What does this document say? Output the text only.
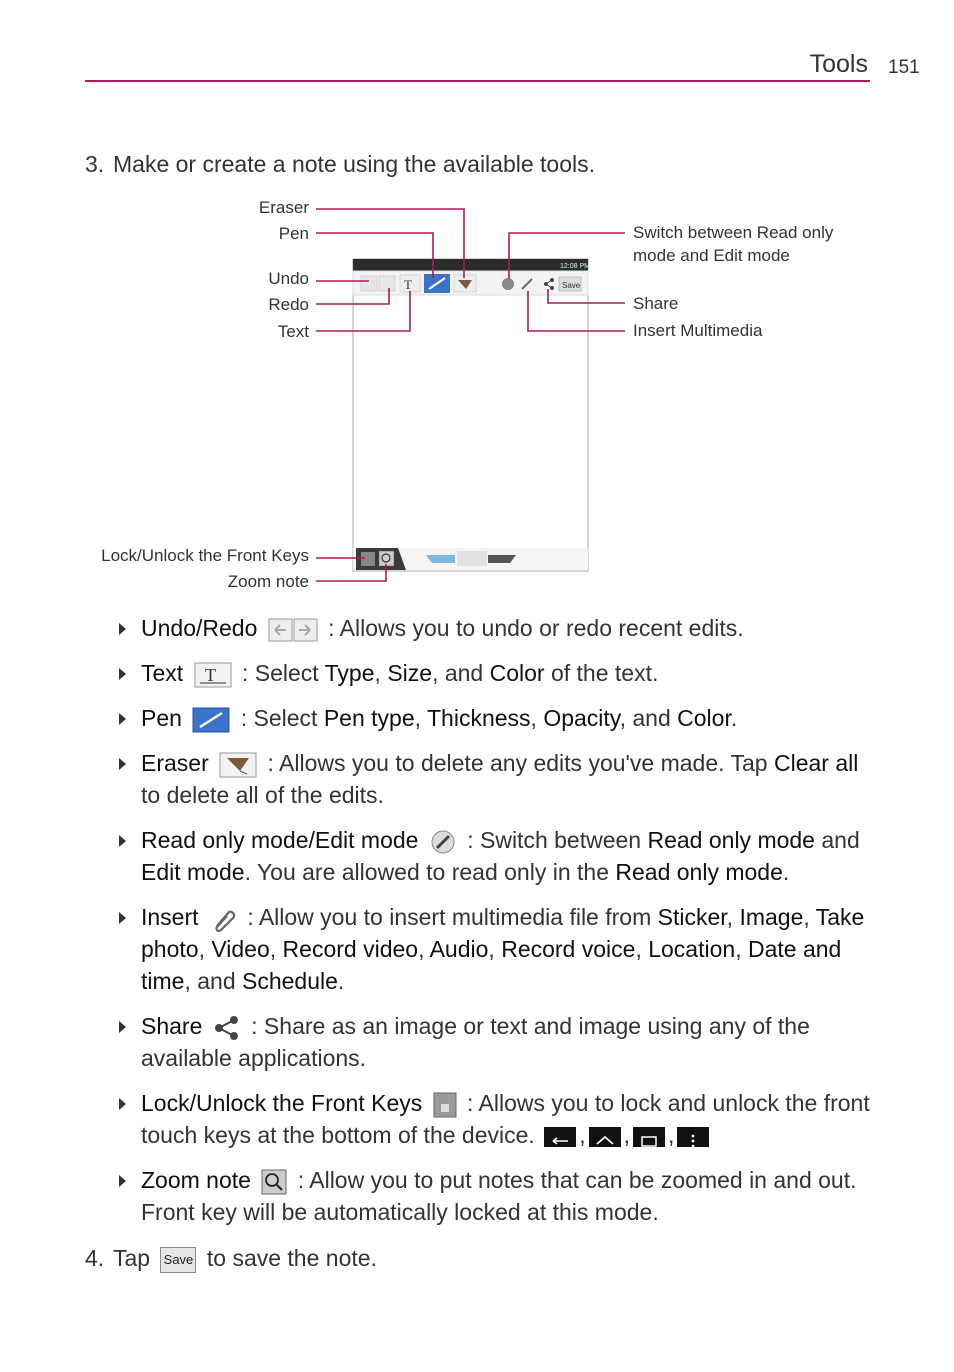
Tools 151
3. Make or create a note using the available tools.
12:08 PM
T	Save
Eraser
Pen
Undo
Redo
Text
Switch between Read only mode and Edit mode
Share
Insert Multimedia
Lock/Unlock the Front Keys
Zoom note
Undo/Redo	: Allows you to undo or redo recent edits.
Text T : Select Type, Size, and Color of the text.
Pen	: Select Pen type, Thickness, Opacity, and Color.
Eraser	: Allows you to delete any edits you've made. Tap Clear all to delete all of the edits.
Read only mode/Edit mode : Switch between Read only mode and Edit mode. You are allowed to read only in the Read only mode.
Insert : Allow you to insert multimedia file from Sticker, Image, Take photo, Video, Record video, Audio, Record voice, Location, Date and time, and Schedule.
Share : Share as an image or text and image using any of the available applications.
Lock/Unlock the Front Keys : Allows you to lock and unlock the front touch keys at the bottom of the device. , , ,
Zoom note : Allow you to put notes that can be zoomed in and out. Front key will be automatically locked at this mode.
4. Tap Save to save the note.
